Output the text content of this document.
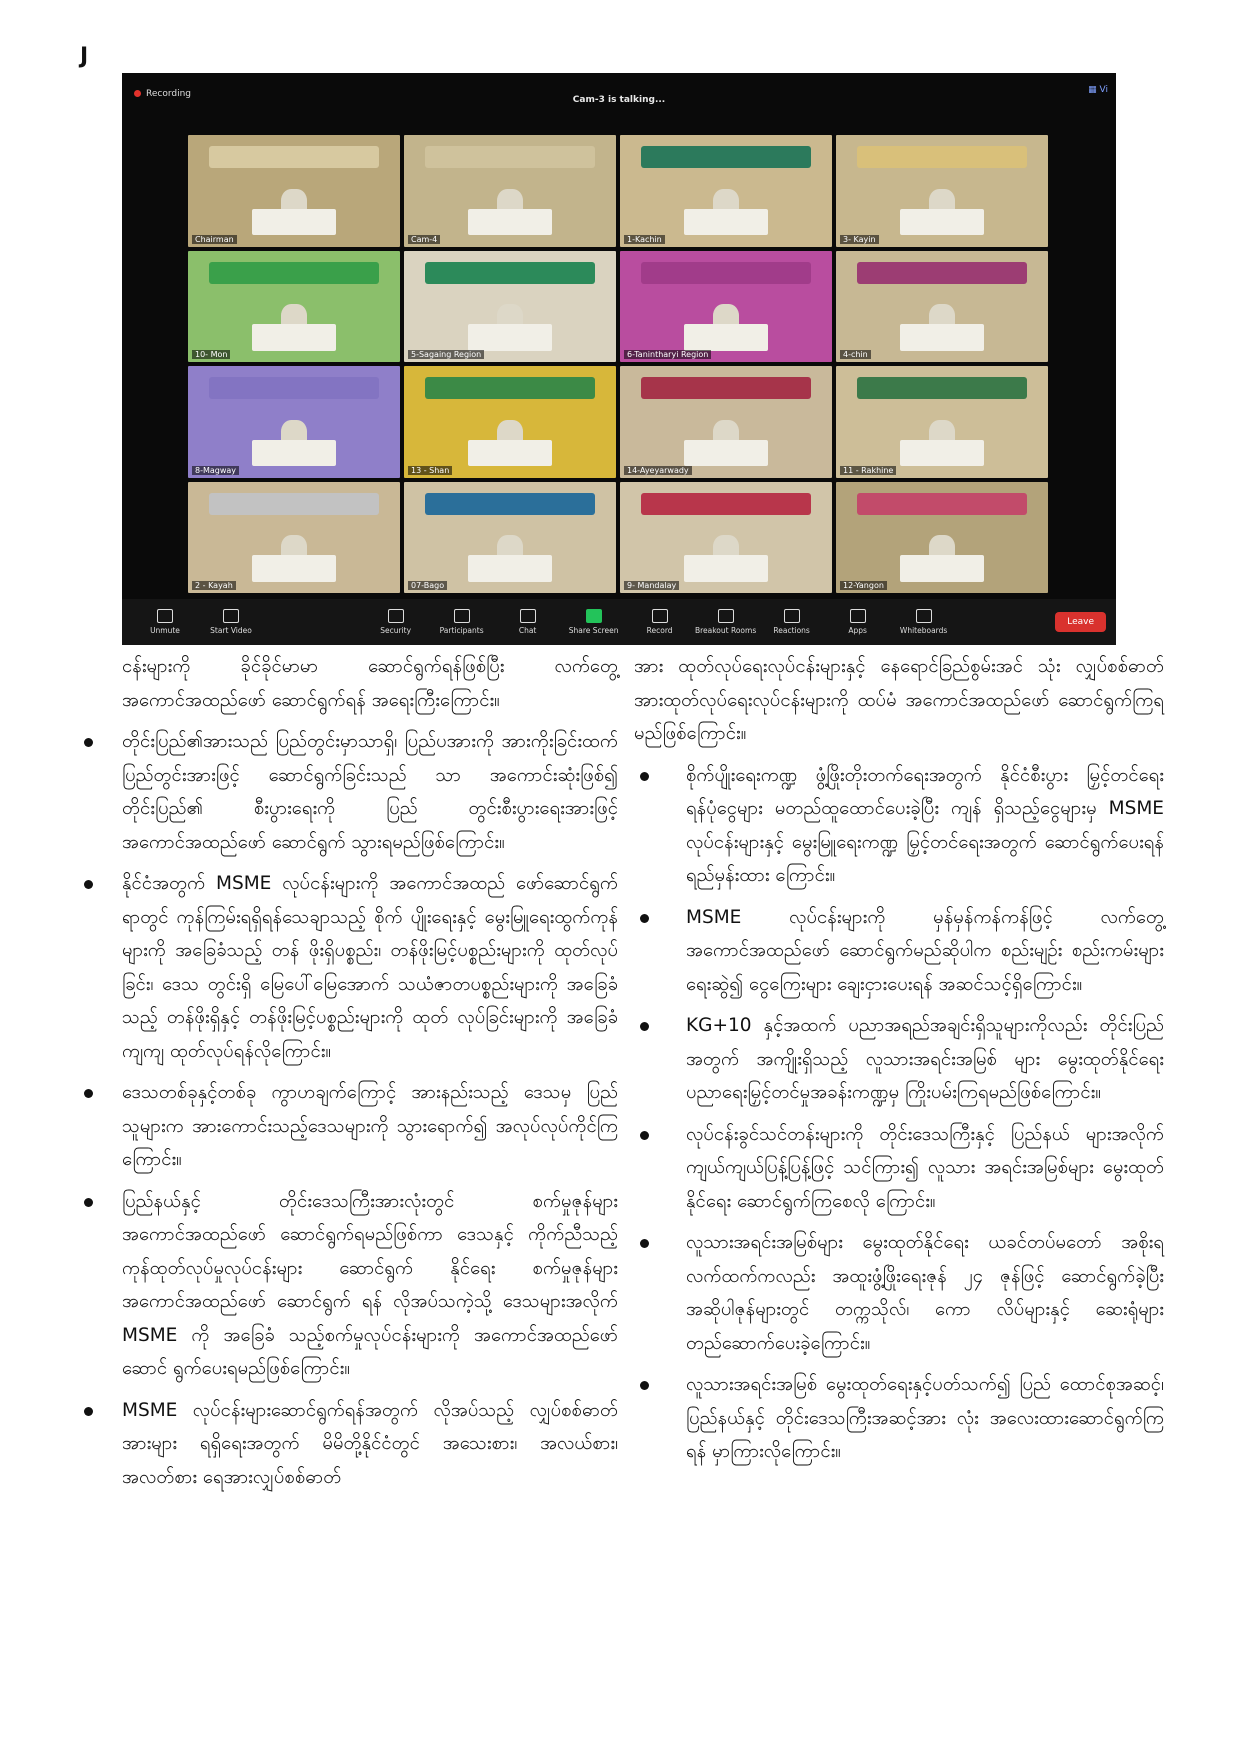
J
Recording
Cam-3 is talking...
▦ Vi
Chairman	Cam-4	1-Kachin	3- Kayin
10- Mon	5-Sagaing Region	6-Tanintharyi Region	4-chin
8-Magway	13 - Shan	14-Ayeyarwady	11 - Rakhine
2 - Kayah	07-Bago	9- Mandalay	12-Yangon
Unmute	Start Video	Security	Participants	Chat	Share Screen	Record	Breakout Rooms Reactions	Apps	Whiteboards
Leave

ငန်းများကို ခိုင်ခိုင်မာမာ ဆောင်ရွက်ရန်ဖြစ်ပြီး လက်တွေ့ အကောင်အထည်ဖော် ဆောင်ရွက်ရန် အရေးကြီးကြောင်း။

တိုင်းပြည်၏အားသည် ပြည်တွင်းမှာသာရှိ၊ ပြည်ပအားကို အားကိုးခြင်းထက် ပြည်တွင်းအားဖြင့် ဆောင်ရွက်ခြင်းသည် သာ အကောင်းဆုံးဖြစ်၍ တိုင်းပြည်၏ စီးပွားရေးကို ပြည် တွင်းစီးပွားရေးအားဖြင့် အကောင်အထည်ဖော် ဆောင်ရွက် သွားရမည်ဖြစ်ကြောင်း။
နိုင်ငံအတွက် MSME လုပ်ငန်းများကို အကောင်အထည် ဖော်ဆောင်ရွက်ရာတွင် ကုန်ကြမ်းရရှိရန်သေချာသည့် စိုက် ပျိုးရေးနှင့် မွေးမြူရေးထွက်ကုန်များကို အခြေခံသည့် တန် ဖိုးရှိပစ္စည်း၊ တန်ဖိုးမြင့်ပစ္စည်းများကို ထုတ်လုပ်ခြင်း၊ ဒေသ တွင်းရှိ မြေပေါ်မြေအောက် သယံဇာတပစ္စည်းများကို အခြေခံသည့် တန်ဖိုးရှိနှင့် တန်ဖိုးမြင့်ပစ္စည်းများကို ထုတ် လုပ်ခြင်းများကို အခြေခံကျကျ ထုတ်လုပ်ရန်လိုကြောင်း။
ဒေသတစ်ခုနှင့်တစ်ခု ကွာဟချက်ကြောင့် အားနည်းသည့် ဒေသမှ ပြည်သူများက အားကောင်းသည့်ဒေသများကို သွားရောက်၍ အလုပ်လုပ်ကိုင်ကြကြောင်း။
ပြည်နယ်နှင့် တိုင်းဒေသကြီးအားလုံးတွင် စက်မှုဇုန်များ အကောင်အထည်ဖော် ဆောင်ရွက်ရမည်ဖြစ်ကာ ဒေသနှင့် ကိုက်ညီသည့် ကုန်ထုတ်လုပ်မှုလုပ်ငန်းများ ဆောင်ရွက် နိုင်ရေး စက်မှုဇုန်များ အကောင်အထည်ဖော် ဆောင်ရွက် ရန် လိုအပ်သကဲ့သို့ ဒေသများအလိုက် MSME ကို အခြေခံ သည့်စက်မှုလုပ်ငန်းများကို အကောင်အထည်ဖော် ဆောင် ရွက်ပေးရမည်ဖြစ်ကြောင်း။
MSME လုပ်ငန်းများဆောင်ရွက်ရန်အတွက် လိုအပ်သည့် လျှပ်စစ်ဓာတ်အားများ ရရှိရေးအတွက် မိမိတို့နိုင်ငံတွင် အသေးစား၊ အလယ်စား၊ အလတ်စား ရေအားလျှပ်စစ်ဓာတ်

အား ထုတ်လုပ်ရေးလုပ်ငန်းများနှင့် နေရောင်ခြည်စွမ်းအင် သုံး လျှပ်စစ်ဓာတ်အားထုတ်လုပ်ရေးလုပ်ငန်းများကို ထပ်မံ အကောင်အထည်ဖော် ဆောင်ရွက်ကြရမည်ဖြစ်ကြောင်း။

စိုက်ပျိုးရေးကဏ္ဍ ဖွံ့ဖြိုးတိုးတက်ရေးအတွက် နိုင်ငံစီးပွား မြှင့်တင်ရေးရန်ပုံငွေများ မတည်ထူထောင်ပေးခဲ့ပြီး ကျန် ရှိသည့်ငွေများမှ MSME လုပ်ငန်းများနှင့် မွေးမြူရေးကဏ္ဍ မြှင့်တင်ရေးအတွက် ဆောင်ရွက်ပေးရန် ရည်မှန်းထား ကြောင်း။
MSME လုပ်ငန်းများကို မှန်မှန်ကန်ကန်ဖြင့် လက်တွေ့ အကောင်အထည်ဖော် ဆောင်ရွက်မည်ဆိုပါက စည်းမျဉ်း စည်းကမ်းများ ရေးဆွဲ၍ ငွေကြေးများ ချေးငှားပေးရန် အဆင်သင့်ရှိကြောင်း။
KG+10 နှင့်အထက် ပညာအရည်အချင်းရှိသူများကိုလည်း တိုင်းပြည်အတွက် အကျိုးရှိသည့် လူသားအရင်းအမြစ် များ မွေးထုတ်နိုင်ရေး ပညာရေးမြှင့်တင်မှုအခန်းကဏ္ဍမှ ကြိုးပမ်းကြရမည်ဖြစ်ကြောင်း။
လုပ်ငန်းခွင်သင်တန်းများကို တိုင်းဒေသကြီးနှင့် ပြည်နယ် များအလိုက် ကျယ်ကျယ်ပြန့်ပြန့်ဖြင့် သင်ကြား၍ လူသား အရင်းအမြစ်များ မွေးထုတ်နိုင်ရေး ဆောင်ရွက်ကြစေလို ကြောင်း။
လူသားအရင်းအမြစ်များ မွေးထုတ်နိုင်ရေး ယခင်တပ်မတော် အစိုးရလက်ထက်ကလည်း အထူးဖွံ့ဖြိုးရေးဇုန် ၂၄ ဇုန်ဖြင့် ဆောင်ရွက်ခဲ့ပြီး အဆိုပါဇုန်များတွင် တက္ကသိုလ်၊ ကော လိပ်များနှင့် ဆေးရုံများ တည်ဆောက်ပေးခဲ့ကြောင်း။
လူသားအရင်းအမြစ် မွေးထုတ်ရေးနှင့်ပတ်သက်၍ ပြည် ထောင်စုအဆင့်၊ ပြည်နယ်နှင့် တိုင်းဒေသကြီးအဆင့်အား လုံး အလေးထားဆောင်ရွက်ကြရန် မှာကြားလိုကြောင်း။
